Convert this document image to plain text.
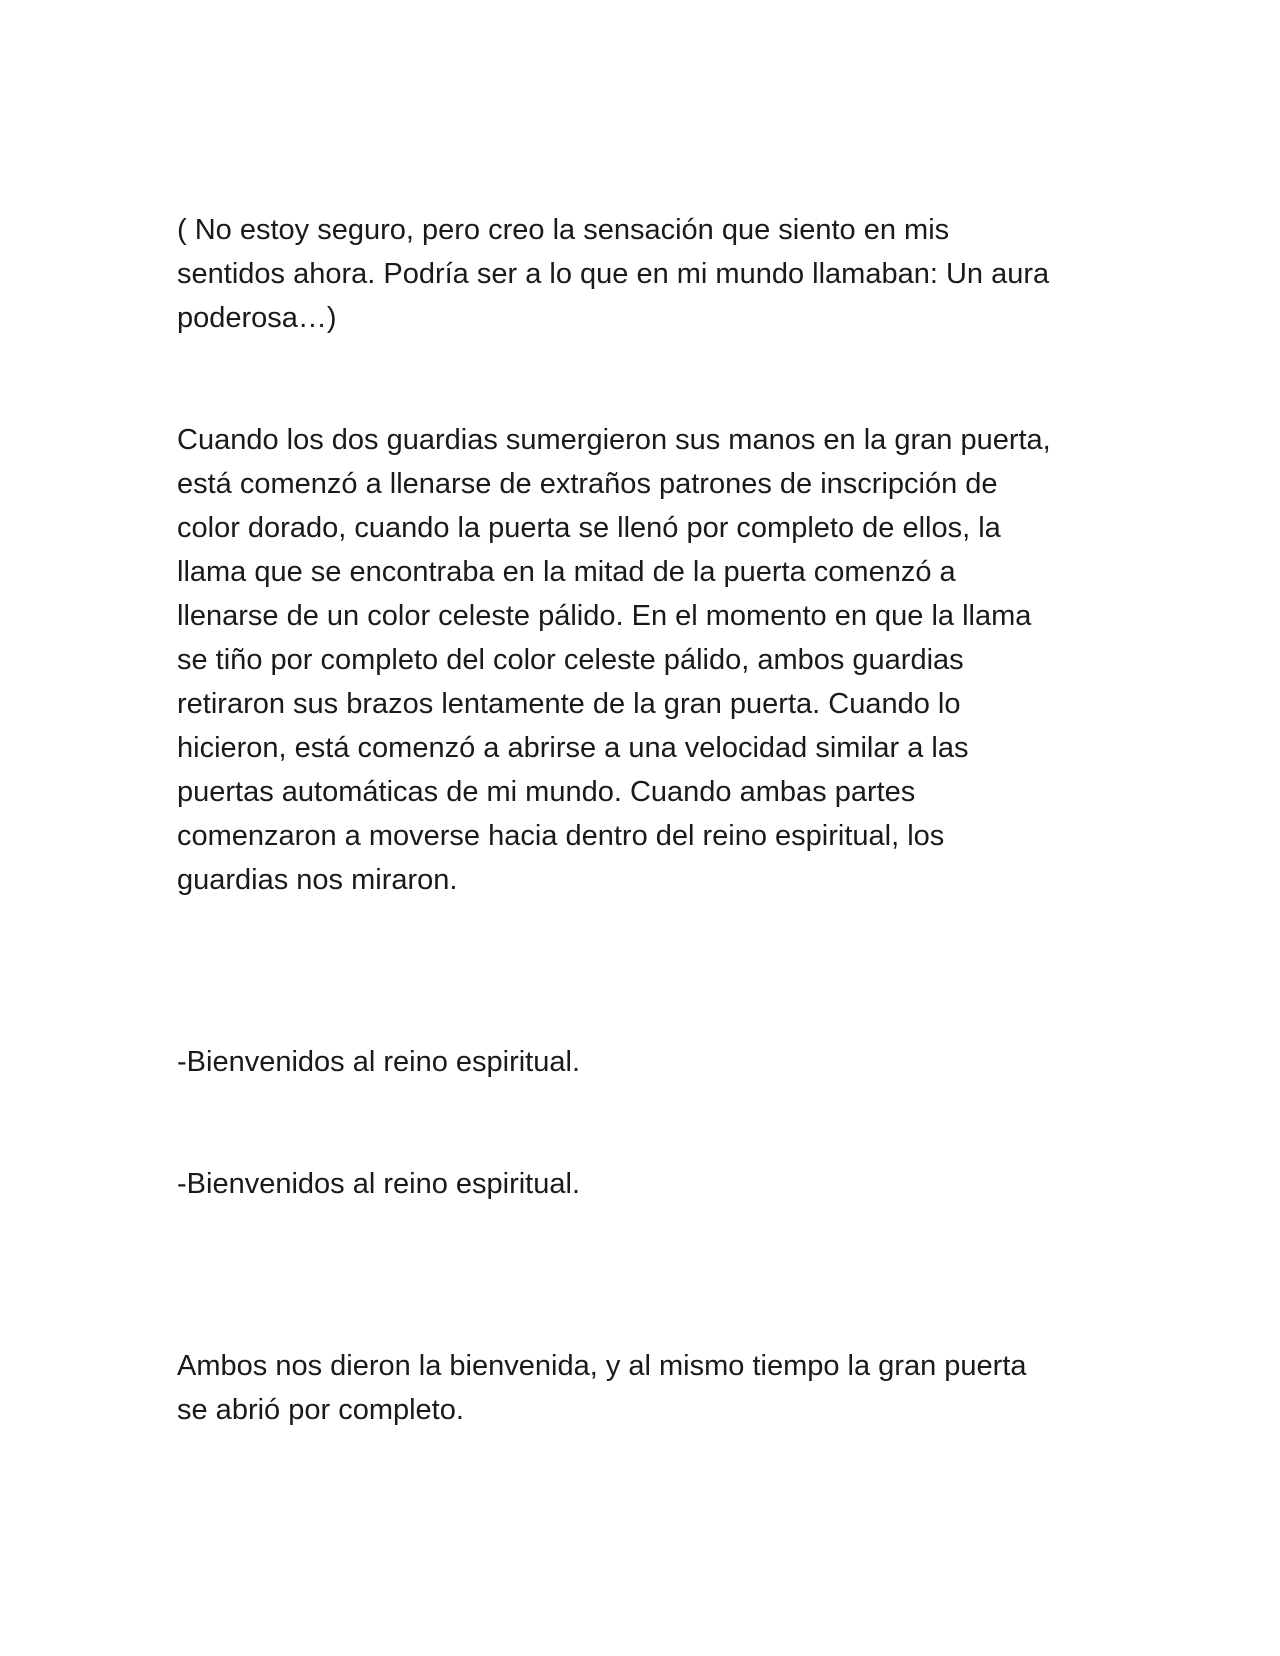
( No estoy seguro, pero creo la sensación que siento en mis
sentidos ahora. Podría ser a lo que en mi mundo llamaban: Un aura
poderosa…)

Cuando los dos guardias sumergieron sus manos en la gran puerta,
está comenzó a llenarse de extraños patrones de inscripción de
color dorado, cuando la puerta se llenó por completo de ellos, la
llama que se encontraba en la mitad de la puerta comenzó a
llenarse de un color celeste pálido. En el momento en que la llama
se tiño por completo del color celeste pálido, ambos guardias
retiraron sus brazos lentamente de la gran puerta. Cuando lo
hicieron, está comenzó a abrirse a una velocidad similar a las
puertas automáticas de mi mundo. Cuando ambas partes
comenzaron a moverse hacia dentro del reino espiritual, los
guardias nos miraron.

-Bienvenidos al reino espiritual.

-Bienvenidos al reino espiritual.

Ambos nos dieron la bienvenida, y al mismo tiempo la gran puerta
se abrió por completo.
